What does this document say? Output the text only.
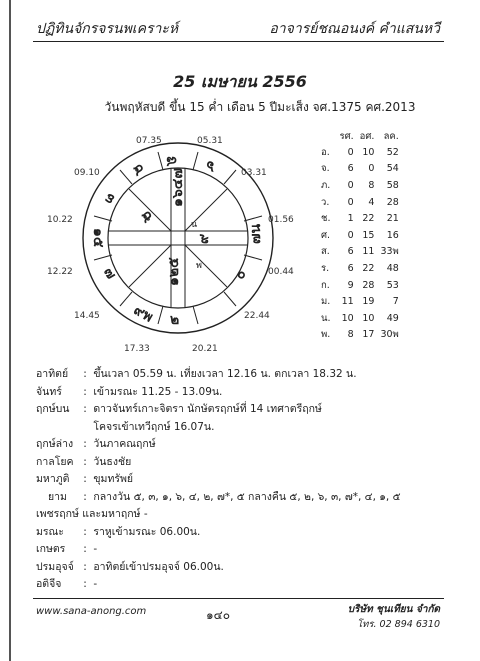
ปฏิทินจักรจรนพเคราะห์	อาจารย์ชณอนงค์ คำแสนหวี
25 เมษายน 2556
วันพฤหัสบดี ขึ้น 15 ค่ำ เดือน 5 ปีมะเส็ง จศ.1375 คศ.2013
07.35	05.31
03.31
01.56
00.44
22.44
20.21
17.33
14.45
12.22
10.22
09.10
๘ ๖
๗น
๐
๒
๙พ
๗
๑๕
๓
๔ ๑๖๔๗
๕	น
๙
๑๒๕ พ
	รศ.	อศ.	ลค.
อ.	0	10	52
จ.	6	0	54
ภ.	0	8	58
ว.	0	4	28
ช.	1	22	21
ศ.	0	15	16
ส.	6	11	33พ
ร.	6	22	48
ก.	9	28	53
ม.	11	19	7
น.	10	10	49
พ.	8	17	30พ
อาทิตย์ : ขึ้นเวลา 05.59 น. เที่ยงเวลา 12.16 น. ตกเวลา 18.32 น.
จันทร์ : เข้ามรณะ 11.25 - 13.09น.
ฤกษ์บน : ดาวจันทร์เกาะจิตรา นักษัตรฤกษ์ที่ 14 เทศาตรีฤกษ์
โคจรเข้าเทวีฤกษ์ 16.07น.
ฤกษ์ล่าง : วันภาคณฤกษ์
กาลโยค : วันธงชัย
มหาภูติ : ขุมทรัพย์
ยาม : กลางวัน ๕, ๓, ๑, ๖, ๔, ๒, ๗*, ๕ กลางคืน ๕, ๒, ๖, ๓, ๗*, ๔, ๑, ๕
เพชรฤกษ์ และมหาฤกษ์ -
มรณะ : ราหูเข้ามรณะ 06.00น.
เกษตร : -
ปรมอุจจ์ : อาทิตย์เข้าปรมอุจจ์ 06.00น.
อติจีจ : -
www.sana-anong.com	๑๔๐	บริษัท ชุนเทียน จำกัด
โทร. 02 894 6310
